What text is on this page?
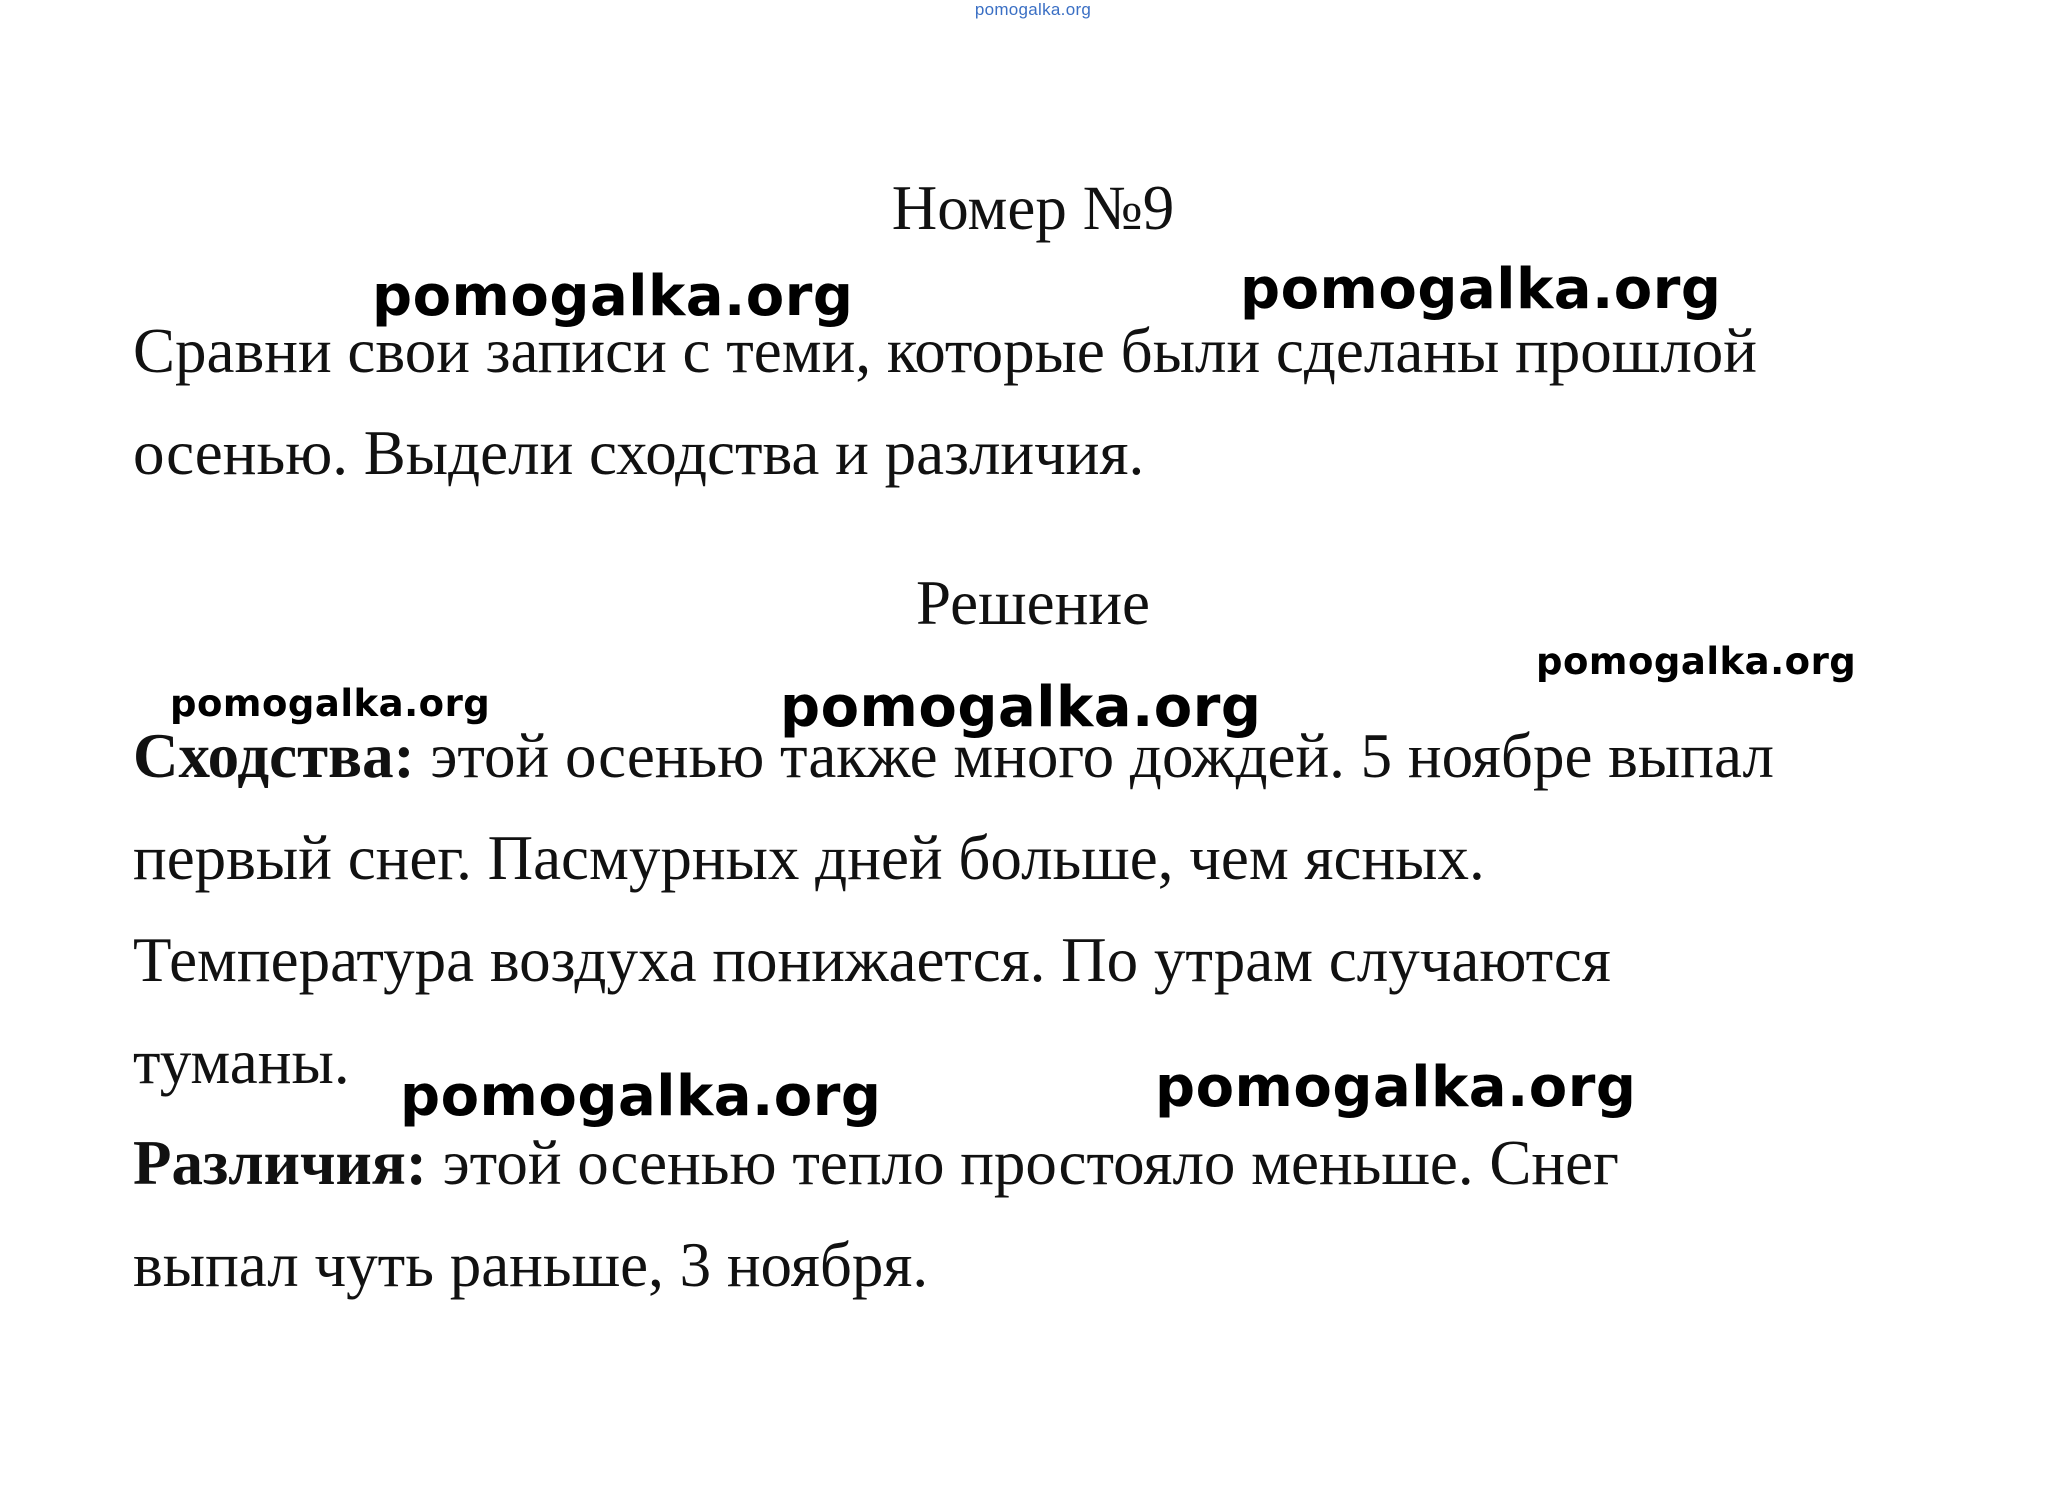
pomogalka.org
Номер №9
Сравни свои записи с теми, которые были сделаны прошлой
осенью. Выдели сходства и различия.
Решение
Сходства: этой осенью также много дождей. 5 ноябре выпал
первый снег. Пасмурных дней больше, чем ясных.
Температура воздуха понижается. По утрам случаются
туманы.
Различия: этой осенью тепло простояло меньше. Снег
выпал чуть раньше, 3 ноября.
pomogalka.org	pomogalka.org
pomogalka.org
pomogalka.org	pomogalka.org
pomogalka.org	pomogalka.org
